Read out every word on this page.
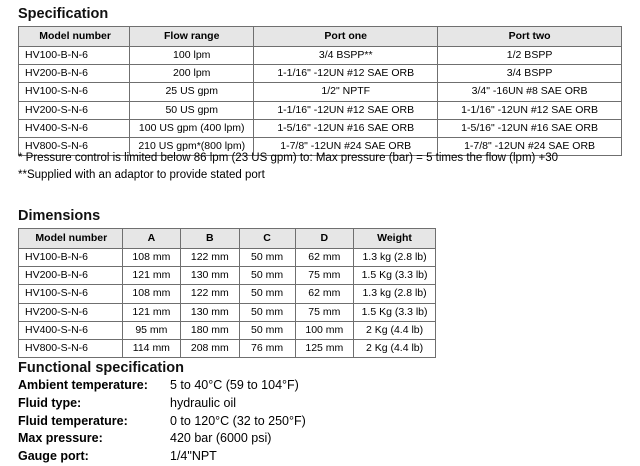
Specification
Model number	Flow range	Port one	Port two
HV100-B-N-6	100 lpm	3/4 BSPP**	1/2 BSPP
HV200-B-N-6	200 lpm	1-1/16" -12UN #12 SAE ORB	3/4 BSPP
HV100-S-N-6	25 US gpm	1/2" NPTF	3/4" -16UN #8 SAE ORB
HV200-S-N-6	50 US gpm	1-1/16" -12UN #12 SAE ORB	1-1/16" -12UN #12 SAE ORB
HV400-S-N-6	100 US gpm (400 lpm)	1-5/16" -12UN #16 SAE ORB	1-5/16" -12UN #16 SAE ORB
HV800-S-N-6	210 US gpm*(800 lpm)	1-7/8" -12UN #24 SAE ORB	1-7/8" -12UN #24 SAE ORB
* Pressure control is limited below 86 lpm (23 US gpm) to: Max pressure (bar) = 5 times the flow (lpm) +30
**Supplied with an adaptor to provide stated port
Dimensions
Model number	A	B	C	D	Weight
HV100-B-N-6	108 mm	122 mm	50 mm	62 mm	1.3 kg (2.8 lb)
HV200-B-N-6	121 mm	130 mm	50 mm	75 mm	1.5 Kg (3.3 lb)
HV100-S-N-6	108 mm	122 mm	50 mm	62 mm	1.3 kg (2.8 lb)
HV200-S-N-6	121 mm	130 mm	50 mm	75 mm	1.5 Kg (3.3 lb)
HV400-S-N-6	95 mm	180 mm	50 mm	100 mm	2 Kg (4.4 lb)
HV800-S-N-6	114 mm	208 mm	76 mm	125 mm	2 Kg (4.4 lb)
Functional specification
Ambient temperature:	5 to 40°C (59 to 104°F)
Fluid type:	hydraulic oil
Fluid temperature:	0 to 120°C (32 to 250°F)
Max pressure:	420 bar (6000 psi)
Gauge port:	1/4"NPT
